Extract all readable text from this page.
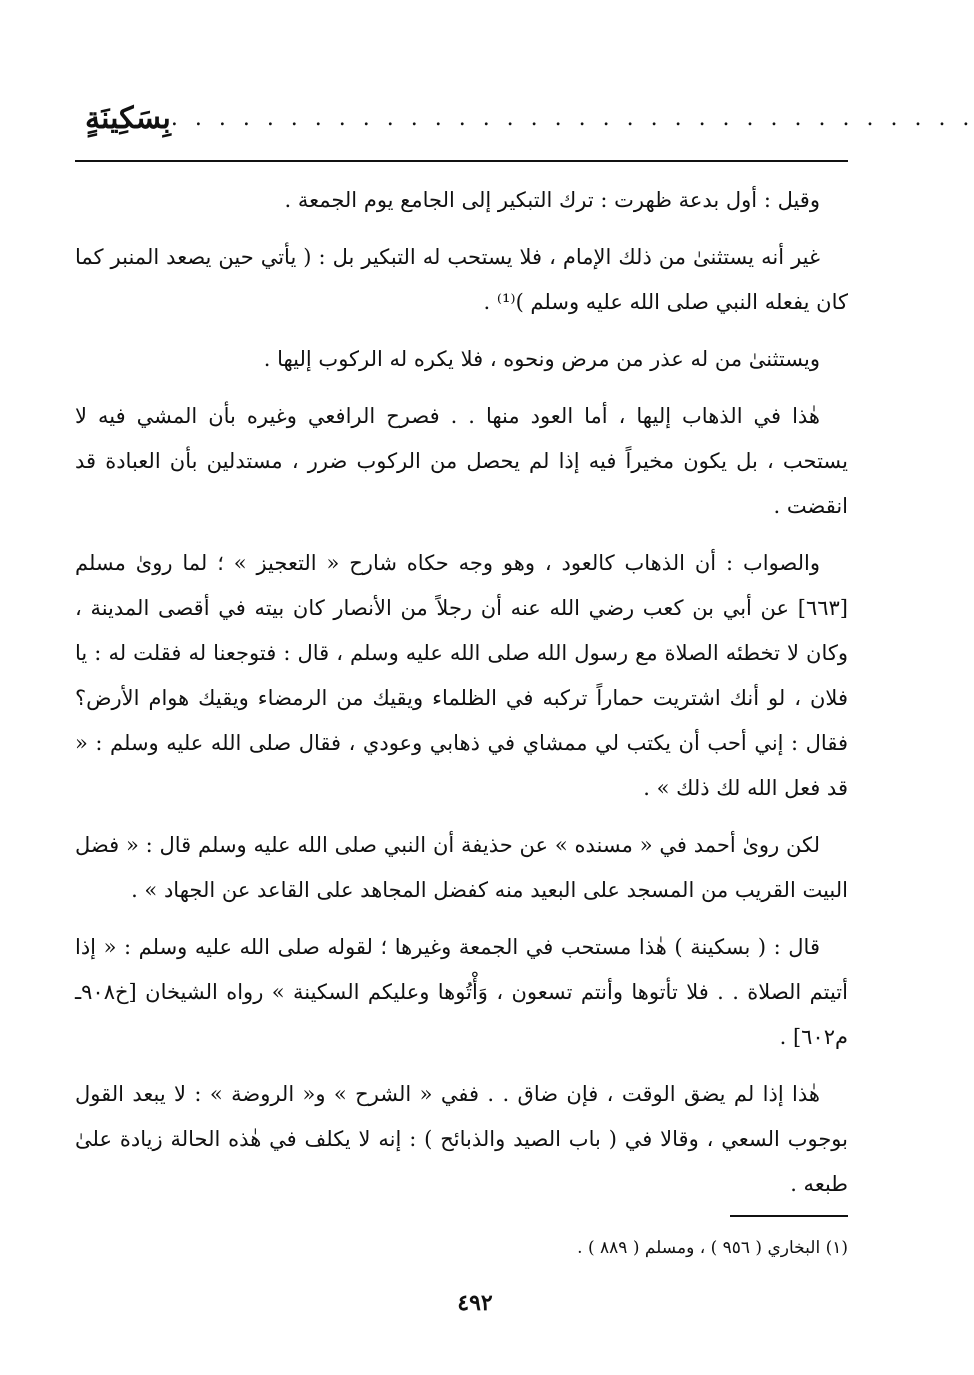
بِسَكِينَةٍ . . . . . . . . . . . . . . . . . . . . . . . . . . . . . . . . . .

وقيل : أول بدعة ظهرت : ترك التبكير إلى الجامع يوم الجمعة .

غير أنه يستثنىٰ من ذلك الإمام ، فلا يستحب له التبكير بل : ( يأتي حين يصعد المنبر كما كان يفعله النبي صلى الله عليه وسلم )⁽¹⁾ .

ويستثنىٰ من له عذر من مرض ونحوه ، فلا يكره له الركوب إليها .

هٰذا في الذهاب إليها ، أما العود منها . . فصرح الرافعي وغيره بأن المشي فيه لا يستحب ، بل يكون مخيراً فيه إذا لم يحصل من الركوب ضرر ، مستدلين بأن العبادة قد انقضت .

والصواب : أن الذهاب كالعود ، وهو وجه حكاه شارح « التعجيز » ؛ لما روىٰ مسلم [٦٦٣] عن أبي بن كعب رضي الله عنه أن رجلاً من الأنصار كان بيته في أقصى المدينة ، وكان لا تخطئه الصلاة مع رسول الله صلى الله عليه وسلم ، قال : فتوجعنا له فقلت له : يا فلان ، لو أنك اشتريت حماراً تركبه في الظلماء ويقيك من الرمضاء ويقيك هوام الأرض؟ فقال : إني أحب أن يكتب لي ممشاي في ذهابي وعودي ، فقال صلى الله عليه وسلم : « قد فعل الله لك ذلك » .

لكن روىٰ أحمد في « مسنده » عن حذيفة أن النبي صلى الله عليه وسلم قال : « فضل البيت القريب من المسجد على البعيد منه كفضل المجاهد على القاعد عن الجهاد » .

قال : ( بسكينة ) هٰذا مستحب في الجمعة وغيرها ؛ لقوله صلى الله عليه وسلم : « إذا أتيتم الصلاة . . فلا تأتوها وأنتم تسعون ، وَأْتُوها وعليكم السكينة » رواه الشيخان [خ٩٠٨ـ م٦٠٢] .

هٰذا إذا لم يضق الوقت ، فإن ضاق . . ففي « الشرح » و« الروضة » : لا يبعد القول بوجوب السعي ، وقالا في ( باب الصيد والذبائح ) : إنه لا يكلف في هٰذه الحالة زيادة علىٰ طبعه .

(١) البخاري ( ٩٥٦ ) ، ومسلم ( ٨٨٩ ) .
٤٩٢
